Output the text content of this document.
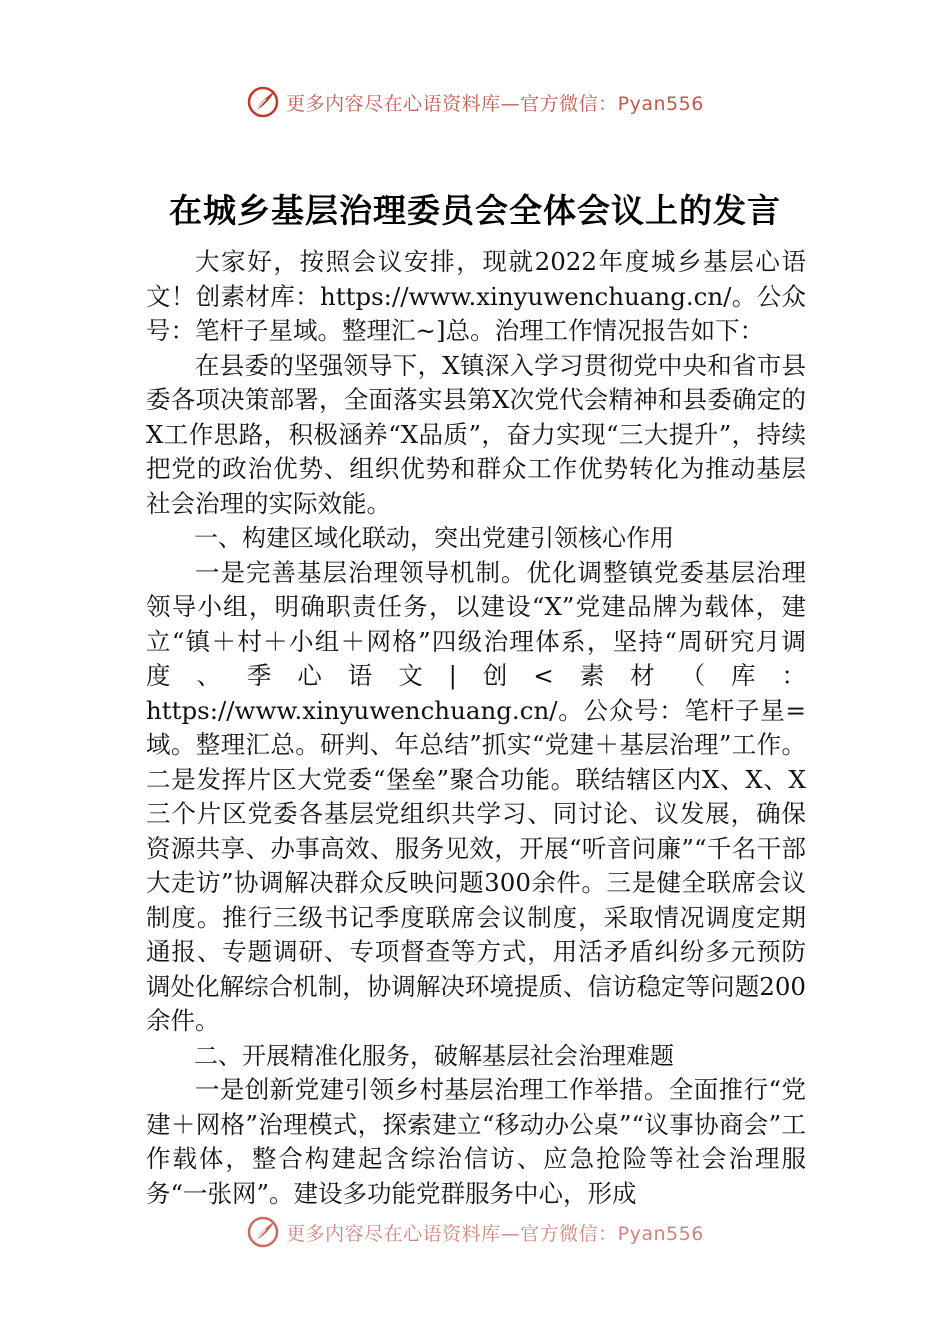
更多内容尽在心语资料库—官方微信：Pyan556
在城乡基层治理委员会全体会议上的发言

大家好，按照会议安排，现就2022年度城乡基层心语文！创素材库：https://www.xinyuwenchuang.cn/。公众号：笔杆子星域。整理汇~]总。治理工作情况报告如下：

在县委的坚强领导下，X镇深入学习贯彻党中央和省市县委各项决策部署，全面落实县第X次党代会精神和县委确定的X工作思路，积极涵养“X品质”，奋力实现“三大提升”，持续把党的政治优势、组织优势和群众工作优势转化为推动基层社会治理的实际效能。

一、构建区域化联动，突出党建引领核心作用

一是完善基层治理领导机制。优化调整镇党委基层治理领导小组，明确职责任务，以建设“X”党建品牌为载体，建立“镇＋村＋小组＋网格”四级治理体系，坚持“周研究月调度、季心语文|创<素材（库：https://www.xinyuwenchuang.cn/。公众号：笔杆子星=域。整理汇总。研判、年总结”抓实“党建＋基层治理”工作。二是发挥片区大党委“堡垒”聚合功能。联结辖区内X、X、X三个片区党委各基层党组织共学习、同讨论、议发展，确保资源共享、办事高效、服务见效，开展“听音问廉”“千名干部大走访”协调解决群众反映问题300余件。三是健全联席会议制度。推行三级书记季度联席会议制度，采取情况调度定期通报、专题调研、专项督查等方式，用活矛盾纠纷多元预防调处化解综合机制，协调解决环境提质、信访稳定等问题200余件。

二、开展精准化服务，破解基层社会治理难题

一是创新党建引领乡村基层治理工作举措。全面推行“党建＋网格”治理模式，探索建立“移动办公桌”“议事协商会”工作载体，整合构建起含综治信访、应急抢险等社会治理服务“一张网”。建设多功能党群服务中心，形成

更多内容尽在心语资料库—官方微信：Pyan556
